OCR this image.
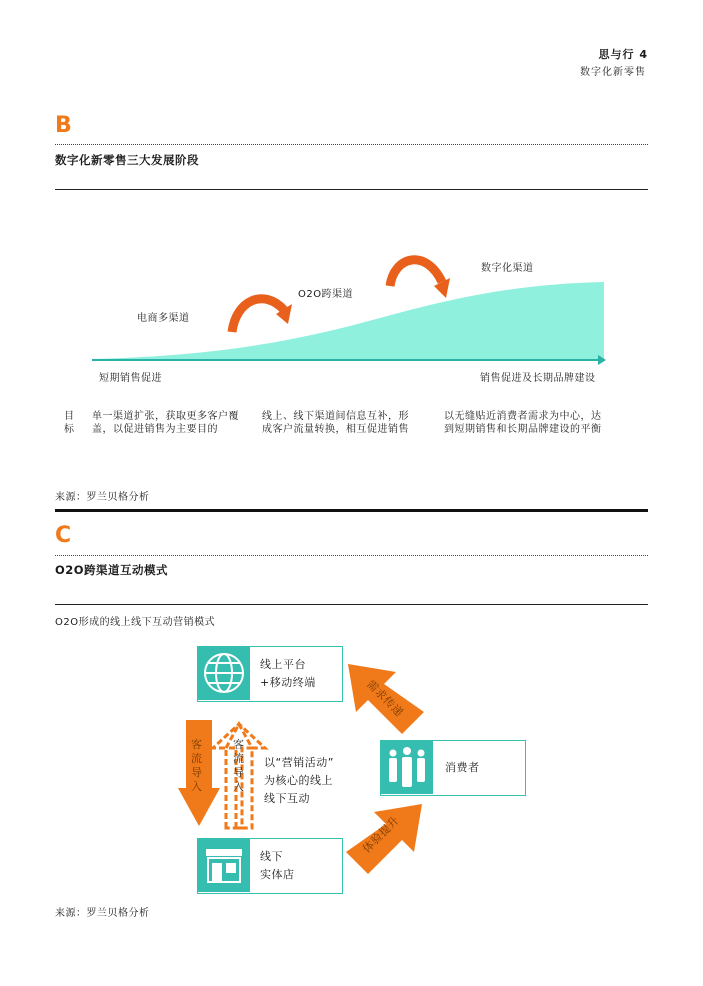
思与行 4
数字化新零售
B
数字化新零售三大发展阶段
电商多渠道
O2O跨渠道
数字化渠道
短期销售促进	销售促进及长期品牌建设
目标
单一渠道扩张，获取更多客户覆盖，以促进销售为主要目的
线上、线下渠道间信息互补，形成客户流量转换，相互促进销售
以无缝贴近消费者需求为中心，达到短期销售和长期品牌建设的平衡
来源：罗兰贝格分析
C
O2O跨渠道互动模式
O2O形成的线上线下互动营销模式
需求传递
体验提升
客流导入
客流导入
以“营销活动”
为核心的线上
线下互动
线上平台
+移动终端
消费者
线下
实体店
来源：罗兰贝格分析
